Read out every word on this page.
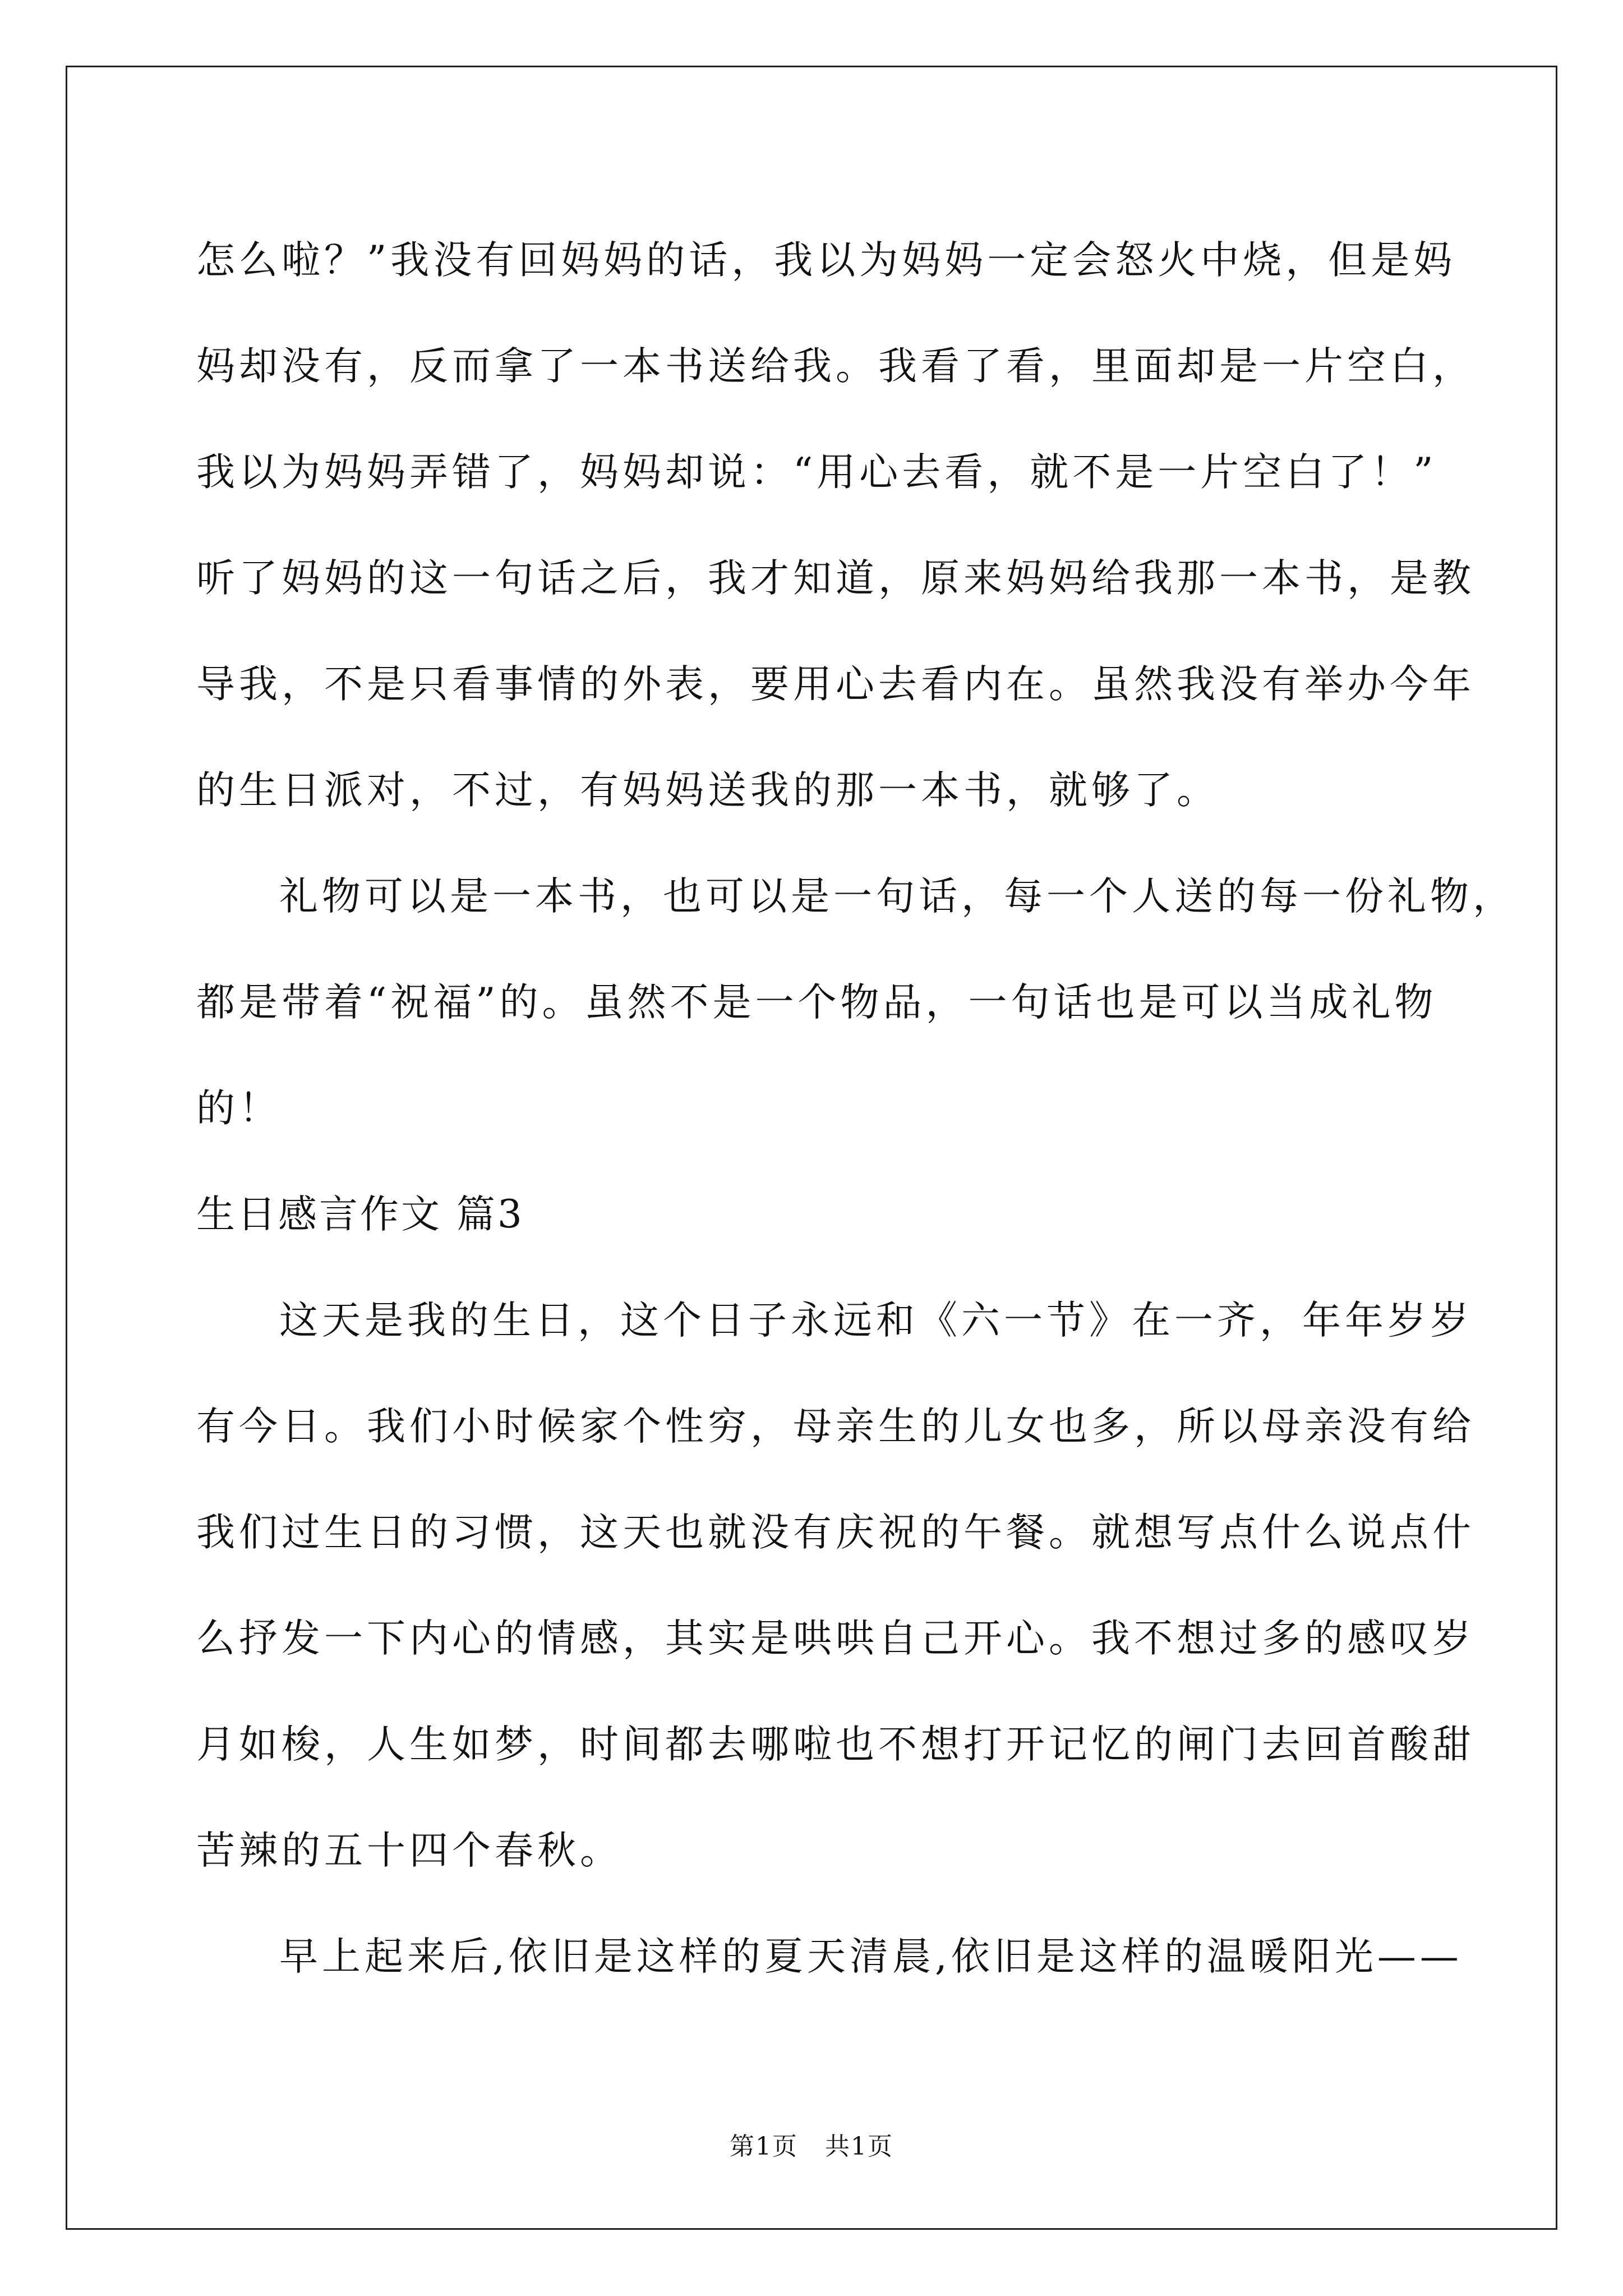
怎么啦？”我没有回妈妈的话，我以为妈妈一定会怒火中烧，但是妈
妈却没有，反而拿了一本书送给我。我看了看，里面却是一片空白，
我以为妈妈弄错了，妈妈却说：“用心去看，就不是一片空白了！”
听了妈妈的这一句话之后，我才知道，原来妈妈给我那一本书，是教
导我，不是只看事情的外表，要用心去看内在。虽然我没有举办今年
的生日派对，不过，有妈妈送我的那一本书，就够了。
礼物可以是一本书，也可以是一句话，每一个人送的每一份礼物，
都是带着“祝福”的。虽然不是一个物品，一句话也是可以当成礼物
的！
生日感言作文 篇3
这天是我的生日，这个日子永远和《六一节》在一齐，年年岁岁
有今日。我们小时候家个性穷，母亲生的儿女也多，所以母亲没有给
我们过生日的习惯，这天也就没有庆祝的午餐。就想写点什么说点什
么抒发一下内心的情感，其实是哄哄自己开心。我不想过多的感叹岁
月如梭，人生如梦，时间都去哪啦也不想打开记忆的闸门去回首酸甜
苦辣的五十四个春秋。
早上起来后,依旧是这样的夏天清晨,依旧是这样的温暖阳光——
第1页 共1页
